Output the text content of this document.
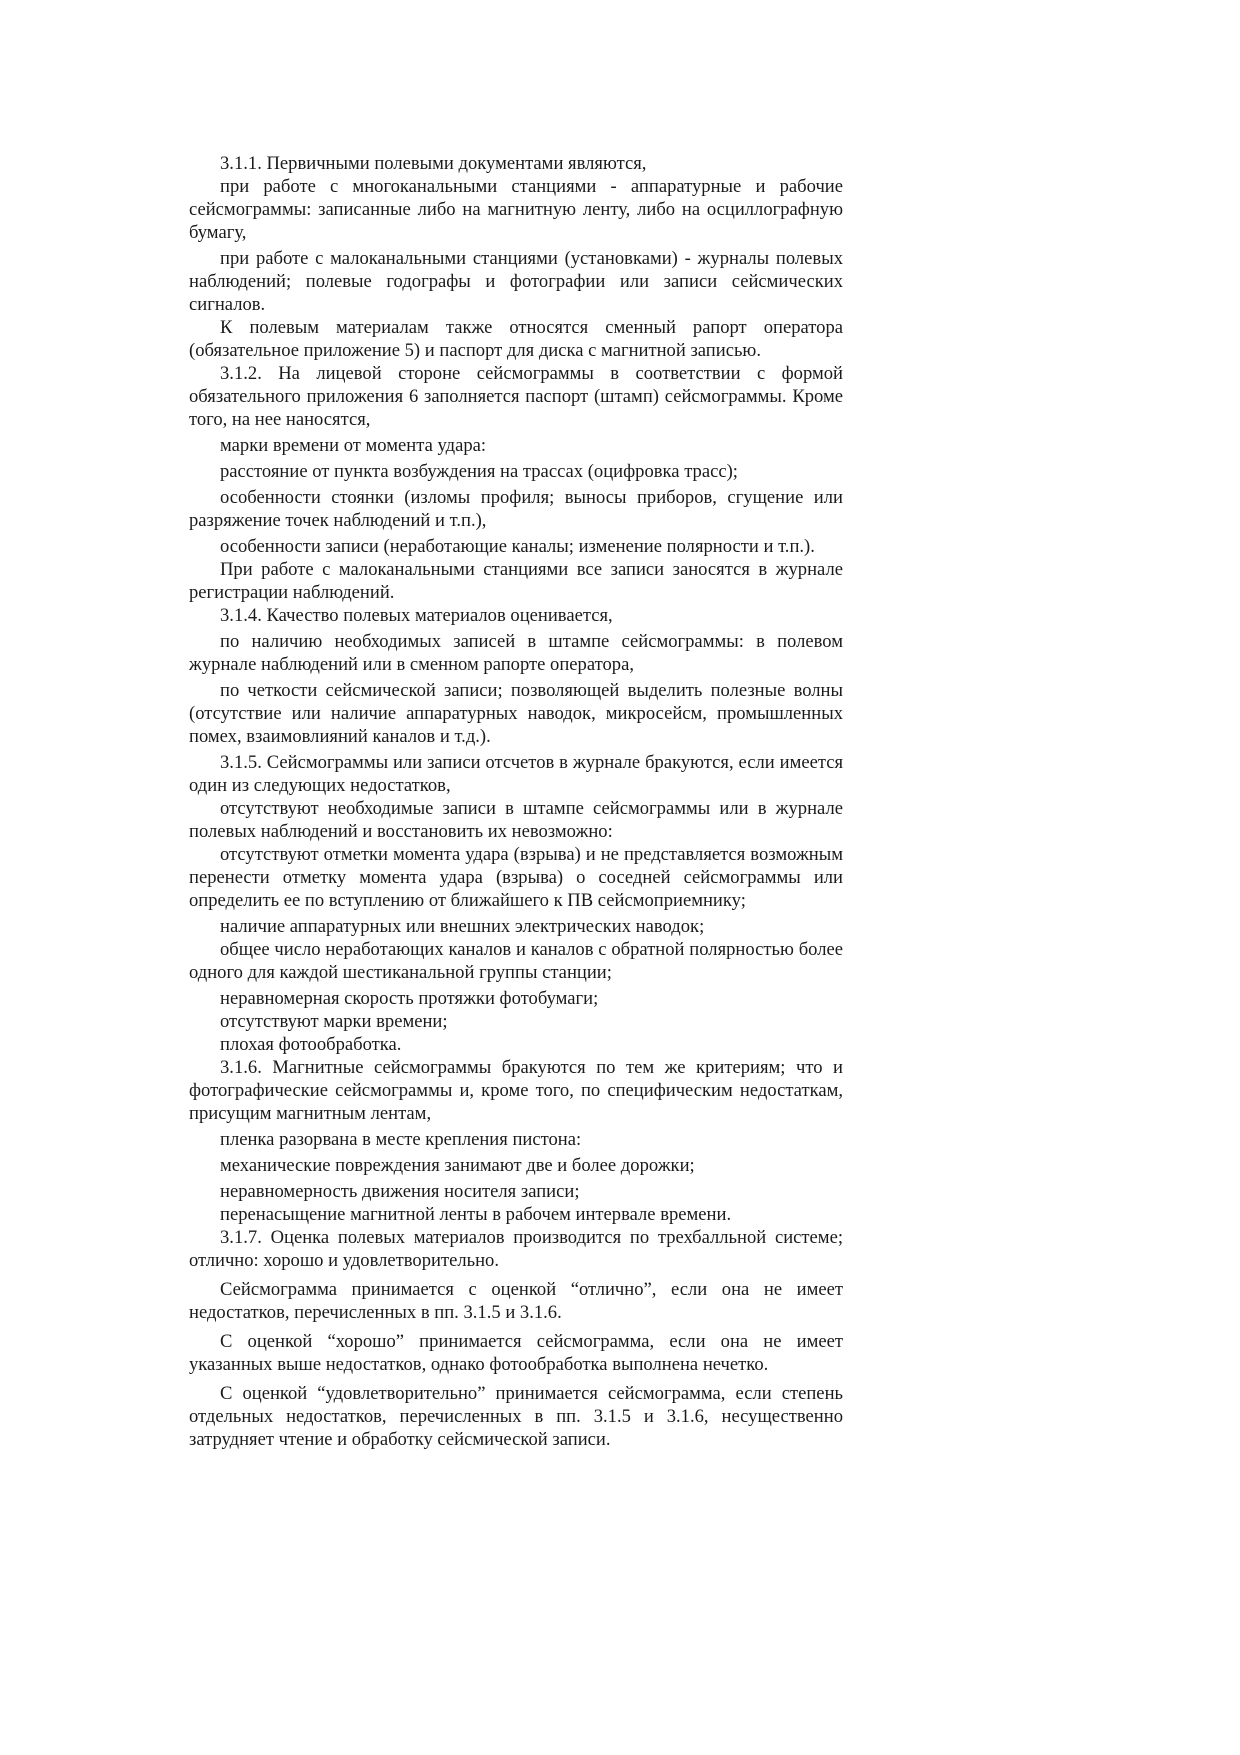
3.1.1. Первичными полевыми документами являются,

при работе с многоканальными станциями - аппаратурные и рабочие сейсмограммы: записанные либо на магнитную ленту, либо на осциллографную бумагу,

при работе с малоканальными станциями (установками) - журналы полевых наблюдений; полевые годографы и фотографии или записи сейсмических сигналов.

К полевым материалам также относятся сменный рапорт оператора (обязательное приложение 5) и паспорт для диска с магнитной записью.

3.1.2. На лицевой стороне сейсмограммы в соответствии с формой обязательного приложения 6 заполняется паспорт (штамп) сейсмограммы. Кроме того, на нее наносятся,

марки времени от момента удара:

расстояние от пункта возбуждения на трассах (оцифровка трасс);

особенности стоянки (изломы профиля; выносы приборов, сгущение или разряжение точек наблюдений и т.п.),

особенности записи (неработающие каналы; изменение полярности и т.п.).

При работе с малоканальными станциями все записи заносятся в журнале регистрации наблюдений.

3.1.4. Качество полевых материалов оценивается,

по наличию необходимых записей в штампе сейсмограммы: в полевом журнале наблюдений или в сменном рапорте оператора,

по четкости сейсмической записи; позволяющей выделить полезные волны (отсутствие или наличие аппаратурных наводок, микросейсм, промышленных помех, взаимовлияний каналов и т.д.).

3.1.5. Сейсмограммы или записи отсчетов в журнале бракуются, если имеется один из следующих недостатков,

отсутствуют необходимые записи в штампе сейсмограммы или в журнале полевых наблюдений и восстановить их невозможно:

отсутствуют отметки момента удара (взрыва) и не представляется возможным перенести отметку момента удара (взрыва) о соседней сейсмограммы или определить ее по вступлению от ближайшего к ПВ сейсмоприемнику;

наличие аппаратурных или внешних электрических наводок;

общее число неработающих каналов и каналов с обратной полярностью более одного для каждой шестиканальной группы станции;

неравномерная скорость протяжки фотобумаги;

отсутствуют марки времени;

плохая фотообработка.

3.1.6. Магнитные сейсмограммы бракуются по тем же критериям; что и фотографические сейсмограммы и, кроме того, по специфическим недостаткам, присущим магнитным лентам,

пленка разорвана в месте крепления пистона:

механические повреждения занимают две и более дорожки;

неравномерность движения носителя записи;

перенасыщение магнитной ленты в рабочем интервале времени.

3.1.7. Оценка полевых материалов производится по трехбалльной системе; отлично: хорошо и удовлетворительно.

Сейсмограмма принимается с оценкой “отлично”, если она не имеет недостатков, перечисленных в пп. 3.1.5 и 3.1.6.

С оценкой “хорошо” принимается сейсмограмма, если она не имеет указанных выше недостатков, однако фотообработка выполнена нечетко.

С оценкой “удовлетворительно” принимается сейсмограмма, если степень отдельных недостатков, перечисленных в пп. 3.1.5 и 3.1.6, несущественно затрудняет чтение и обработку сейсмической записи.
